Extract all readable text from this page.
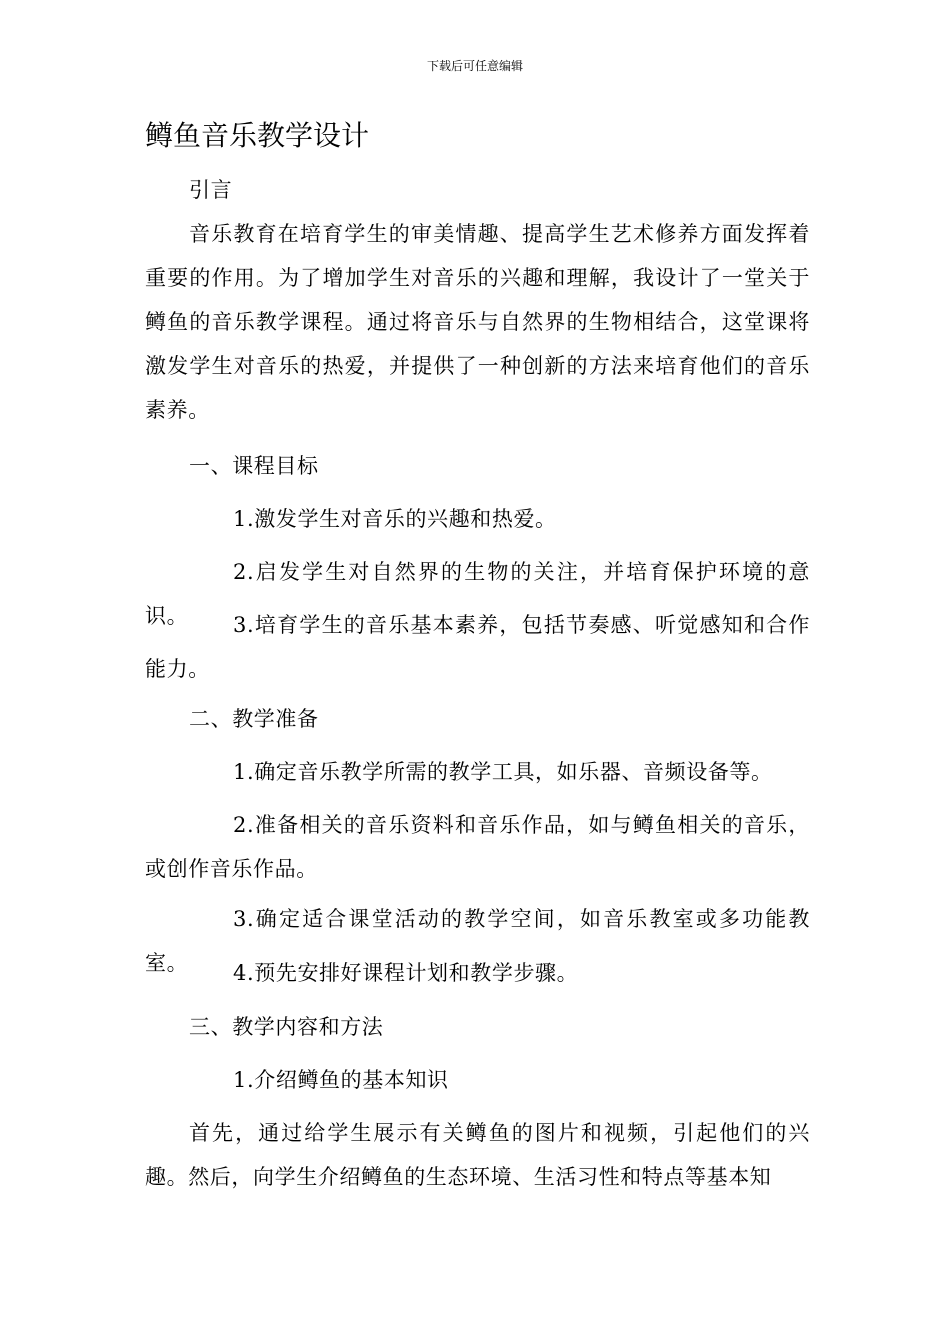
下载后可任意编辑
鳟鱼音乐教学设计

引言

音乐教育在培育学生的审美情趣、提高学生艺术修养方面发挥着重要的作用。为了增加学生对音乐的兴趣和理解，我设计了一堂关于鳟鱼的音乐教学课程。通过将音乐与自然界的生物相结合，这堂课将激发学生对音乐的热爱，并提供了一种创新的方法来培育他们的音乐素养。

一、课程目标

1.激发学生对音乐的兴趣和热爱。

2.启发学生对自然界的生物的关注，并培育保护环境的意识。	3.培育学生的音乐基本素养，包括节奏感、听觉感知和合作能力。

二、教学准备

1.确定音乐教学所需的教学工具，如乐器、音频设备等。

2.准备相关的音乐资料和音乐作品，如与鳟鱼相关的音乐，或创作音乐作品。

3.确定适合课堂活动的教学空间，如音乐教室或多功能教室。	4.预先安排好课程计划和教学步骤。

三、教学内容和方法

1.介绍鳟鱼的基本知识

首先，通过给学生展示有关鳟鱼的图片和视频，引起他们的兴趣。然后，向学生介绍鳟鱼的生态环境、生活习性和特点等基本知
